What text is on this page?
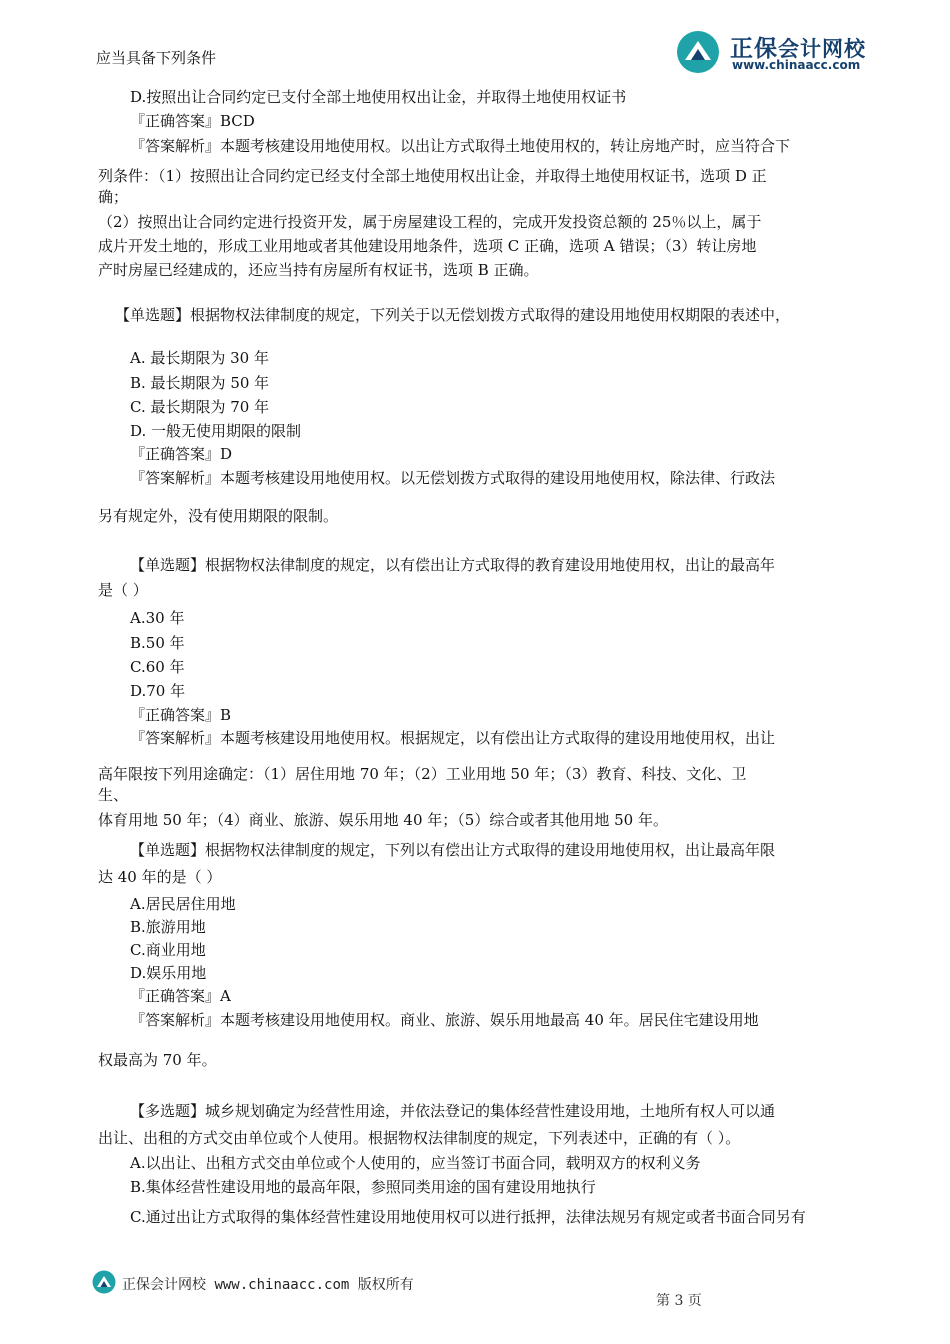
正保会计网校
www.chinaacc.com
应当具备下列条件
D.按照出让合同约定已支付全部土地使用权出让金，并取得土地使用权证书
『正确答案』BCD
『答案解析』本题考核建设用地使用权。以出让方式取得土地使用权的，转让房地产时，应当符合下
列条件：（1）按照出让合同约定已经支付全部土地使用权出让金，并取得土地使用权证书，选项 D 正
确；
（2）按照出让合同约定进行投资开发，属于房屋建设工程的，完成开发投资总额的 25％以上，属于
成片开发土地的，形成工业用地或者其他建设用地条件，选项 C 正确，选项 A 错误；（3）转让房地
产时房屋已经建成的，还应当持有房屋所有权证书，选项 B 正确。
【单选题】根据物权法律制度的规定，下列关于以无偿划拨方式取得的建设用地使用权期限的表述中，
A. 最长期限为 30 年
B. 最长期限为 50 年
C. 最长期限为 70 年
D. 一般无使用期限的限制
『正确答案』D
『答案解析』本题考核建设用地使用权。以无偿划拨方式取得的建设用地使用权，除法律、行政法
另有规定外，没有使用期限的限制。
【单选题】根据物权法律制度的规定，以有偿出让方式取得的教育建设用地使用权，出让的最高年
是（ ）
A.30 年
B.50 年
C.60 年
D.70 年
『正确答案』B
『答案解析』本题考核建设用地使用权。根据规定，以有偿出让方式取得的建设用地使用权，出让
高年限按下列用途确定：（1）居住用地 70 年；（2）工业用地 50 年；（3）教育、科技、文化、卫
生、
体育用地 50 年；（4）商业、旅游、娱乐用地 40 年；（5）综合或者其他用地 50 年。
【单选题】根据物权法律制度的规定，下列以有偿出让方式取得的建设用地使用权，出让最高年限
达 40 年的是（ ）
A.居民居住用地
B.旅游用地
C.商业用地
D.娱乐用地
『正确答案』A
『答案解析』本题考核建设用地使用权。商业、旅游、娱乐用地最高 40 年。居民住宅建设用地
权最高为 70 年。
【多选题】城乡规划确定为经营性用途，并依法登记的集体经营性建设用地，土地所有权人可以通
出让、出租的方式交由单位或个人使用。根据物权法律制度的规定，下列表述中，正确的有（ ）。
A.以出让、出租方式交由单位或个人使用的，应当签订书面合同，载明双方的权利义务
B.集体经营性建设用地的最高年限，参照同类用途的国有建设用地执行
C.通过出让方式取得的集体经营性建设用地使用权可以进行抵押，法律法规另有规定或者书面合同另有
正保会计网校 www.chinaacc.com 版权所有
第 3 页
